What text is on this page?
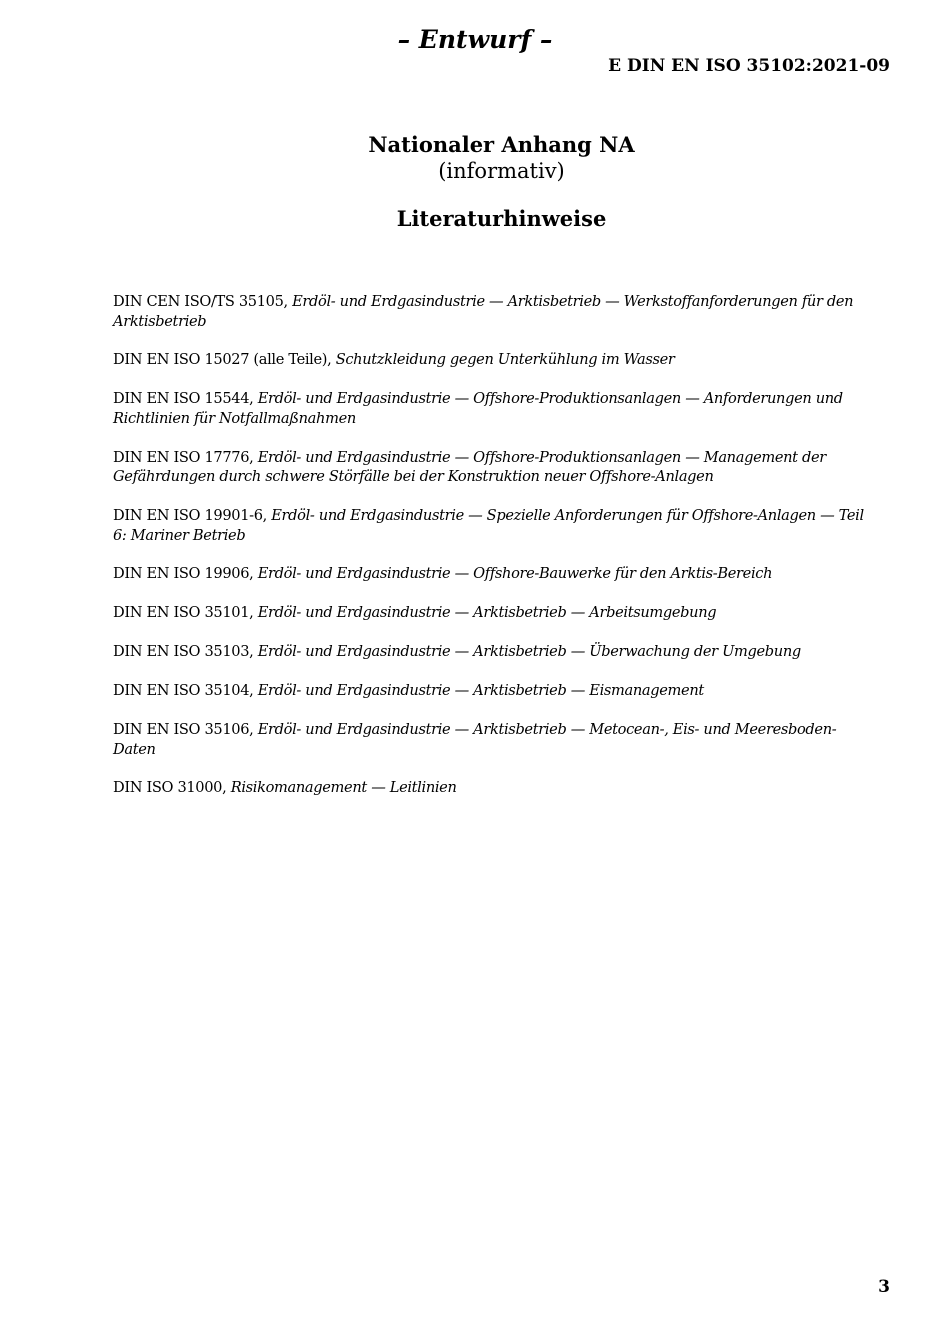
– Entwurf –
E DIN EN ISO 35102:2021-09
Nationaler Anhang NA
(informativ)
Literaturhinweise
DIN CEN ISO/TS 35105, Erdöl- und Erdgasindustrie — Arktisbetrieb — Werkstoffanforderungen für den Arktisbetrieb
DIN EN ISO 15027 (alle Teile), Schutzkleidung gegen Unterkühlung im Wasser
DIN EN ISO 15544, Erdöl- und Erdgasindustrie — Offshore-Produktionsanlagen — Anforderungen und Richtlinien für Notfallmaßnahmen
DIN EN ISO 17776, Erdöl- und Erdgasindustrie — Offshore-Produktionsanlagen — Management der Gefährdungen durch schwere Störfälle bei der Konstruktion neuer Offshore-Anlagen
DIN EN ISO 19901-6, Erdöl- und Erdgasindustrie — Spezielle Anforderungen für Offshore-Anlagen — Teil 6: Mariner Betrieb
DIN EN ISO 19906, Erdöl- und Erdgasindustrie — Offshore-Bauwerke für den Arktis-Bereich
DIN EN ISO 35101, Erdöl- und Erdgasindustrie — Arktisbetrieb — Arbeitsumgebung
DIN EN ISO 35103, Erdöl- und Erdgasindustrie — Arktisbetrieb — Überwachung der Umgebung
DIN EN ISO 35104, Erdöl- und Erdgasindustrie — Arktisbetrieb — Eismanagement
DIN EN ISO 35106, Erdöl- und Erdgasindustrie — Arktisbetrieb — Metocean-, Eis- und Meeresboden-Daten
DIN ISO 31000, Risikomanagement — Leitlinien
3
